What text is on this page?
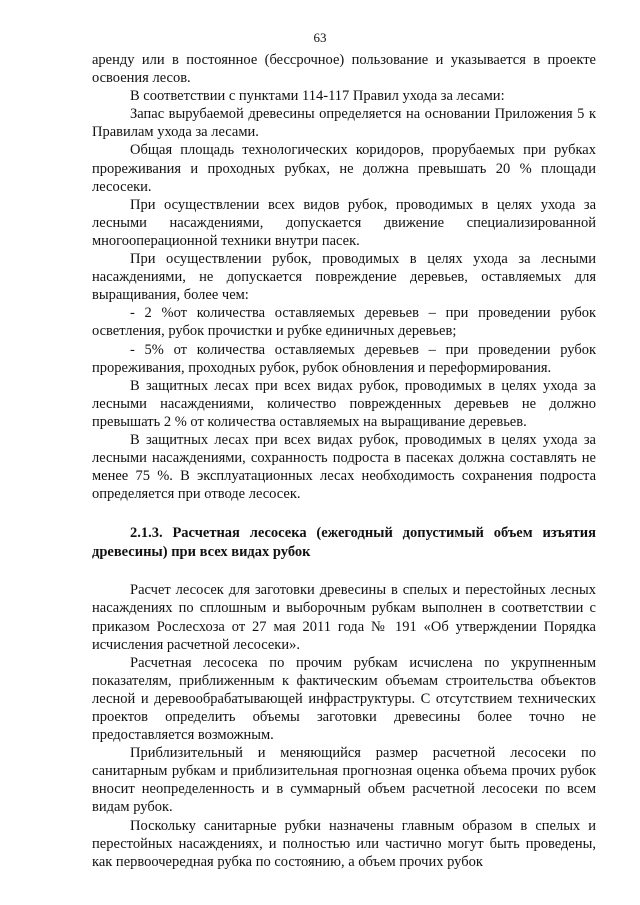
63

аренду или в постоянное (бессрочное) пользование и указывается в проекте освоения лесов.

В соответствии с пунктами 114-117 Правил ухода за лесами:

Запас вырубаемой древесины определяется на основании Приложения 5 к Правилам ухода за лесами.

Общая площадь технологических коридоров, прорубаемых при рубках прореживания и проходных рубках, не должна превышать 20 % площади лесосеки.

При осуществлении всех видов рубок, проводимых в целях ухода за лесными насаждениями, допускается движение специализированной многооперационной техники внутри пасек.

При осуществлении рубок, проводимых в целях ухода за лесными насаждениями, не допускается повреждение деревьев, оставляемых для выращивания, более чем:

- 2 %от количества оставляемых деревьев – при проведении рубок осветления, рубок прочистки и рубке единичных деревьев;

- 5% от количества оставляемых деревьев – при проведении рубок прореживания, проходных рубок, рубок обновления и переформирования.

В защитных лесах при всех видах рубок, проводимых в целях ухода за лесными насаждениями, количество поврежденных деревьев не должно превышать 2 % от количества оставляемых на выращивание деревьев.

В защитных лесах при всех видах рубок, проводимых в целях ухода за лесными насаждениями, сохранность подроста в пасеках должна составлять не менее 75 %. В эксплуатационных лесах необходимость сохранения подроста определяется при отводе лесосек.

2.1.3. Расчетная лесосека (ежегодный допустимый объем изъятия древесины) при всех видах рубок

Расчет лесосек для заготовки древесины в спелых и перестойных лесных насаждениях по сплошным и выборочным рубкам выполнен в соответствии с приказом Рослесхоза от 27 мая 2011 года № 191 «Об утверждении Порядка исчисления расчетной лесосеки».

Расчетная лесосека по прочим рубкам исчислена по укрупненным показателям, приближенным к фактическим объемам строительства объектов лесной и деревообрабатывающей инфраструктуры. С отсутствием технических проектов определить объемы заготовки древесины более точно не предоставляется возможным.

Приблизительный и меняющийся размер расчетной лесосеки по санитарным рубкам и приблизительная прогнозная оценка объема прочих рубок вносит неопределенность и в суммарный объем расчетной лесосеки по всем видам рубок.

Поскольку санитарные рубки назначены главным образом в спелых и перестойных насаждениях, и полностью или частично могут быть проведены, как первоочередная рубка по состоянию, а объем прочих рубок
